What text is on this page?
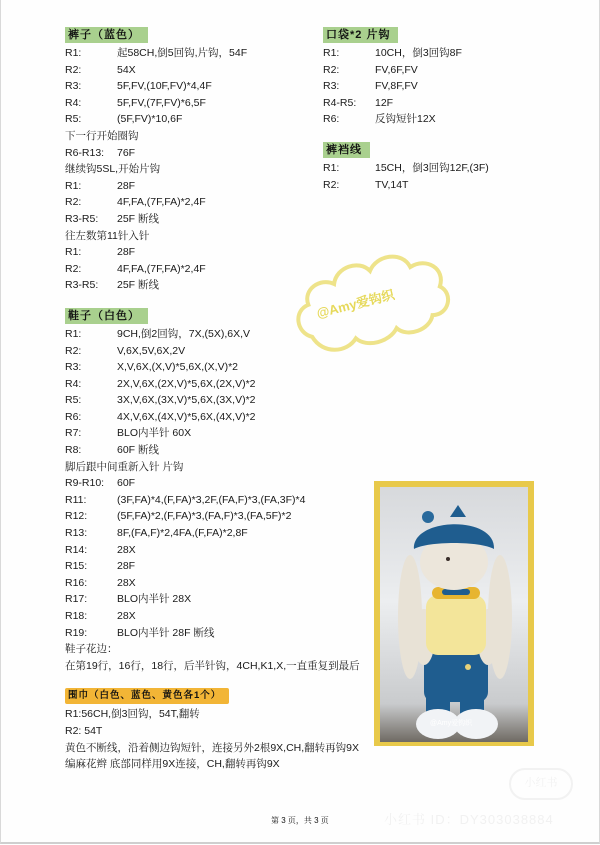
裤子（蓝色）
R1:	起58CH,倒5回钩,片钩，54F
R2:	54X
R3:	5F,FV,(10F,FV)*4,4F
R4:	5F,FV,(7F,FV)*6,5F
R5:	(5F,FV)*10,6F
下一行开始圈钩
R6-R13:	76F
继续钩5SL,开始片钩
R1:	28F
R2:	4F,FA,(7F,FA)*2,4F
R3-R5:	25F 断线
往左数第11针入针
R1:	28F
R2:	4F,FA,(7F,FA)*2,4F
R3-R5:	25F 断线
鞋子（白色）
R1:	9CH,倒2回钩，7X,(5X),6X,V
R2:	V,6X,5V,6X,2V
R3:	X,V,6X,(X,V)*5,6X,(X,V)*2
R4:	2X,V,6X,(2X,V)*5,6X,(2X,V)*2
R5:	3X,V,6X,(3X,V)*5,6X,(3X,V)*2
R6:	4X,V,6X,(4X,V)*5,6X,(4X,V)*2
R7:	BLO内半针 60X
R8:	60F 断线
脚后跟中间重新入针 片钩
R9-R10:	60F
R11:	(3F,FA)*4,(F,FA)*3,2F,(FA,F)*3,(FA,3F)*4
R12:	(5F,FA)*2,(F,FA)*3,(FA,F)*3,(FA,5F)*2
R13:	8F,(FA,F)*2,4FA,(F,FA)*2,8F
R14:	28X
R15:	28F
R16:	28X
R17:	BLO内半针 28X
R18:	28X
R19:	BLO内半针 28F 断线
鞋子花边：
在第19行，16行，18行，后半针钩，4CH,K1,X,一直重复到最后
围巾（白色、蓝色、黄色各1个）
R1:56CH,倒3回钩，54T,翻转
R2: 54T
黄色不断线，沿着侧边钩短针，连接另外2根9X,CH,翻转再钩9X
编麻花辫 底部同样用9X连接，CH,翻转再钩9X
口袋*2 片钩
R1:	10CH，倒3回钩8F
R2:	FV,6F,FV
R3:	FV,8F,FV
R4-R5:	12F
R6:	反钩短针12X
裤裆线
R1:	15CH，倒3回钩12F,(3F)
R2:	TV,14T
@Amy爱钩织
@Amy爱钩织
第 3 页，共 3 页
小红书
小红书 ID：DY303038884
